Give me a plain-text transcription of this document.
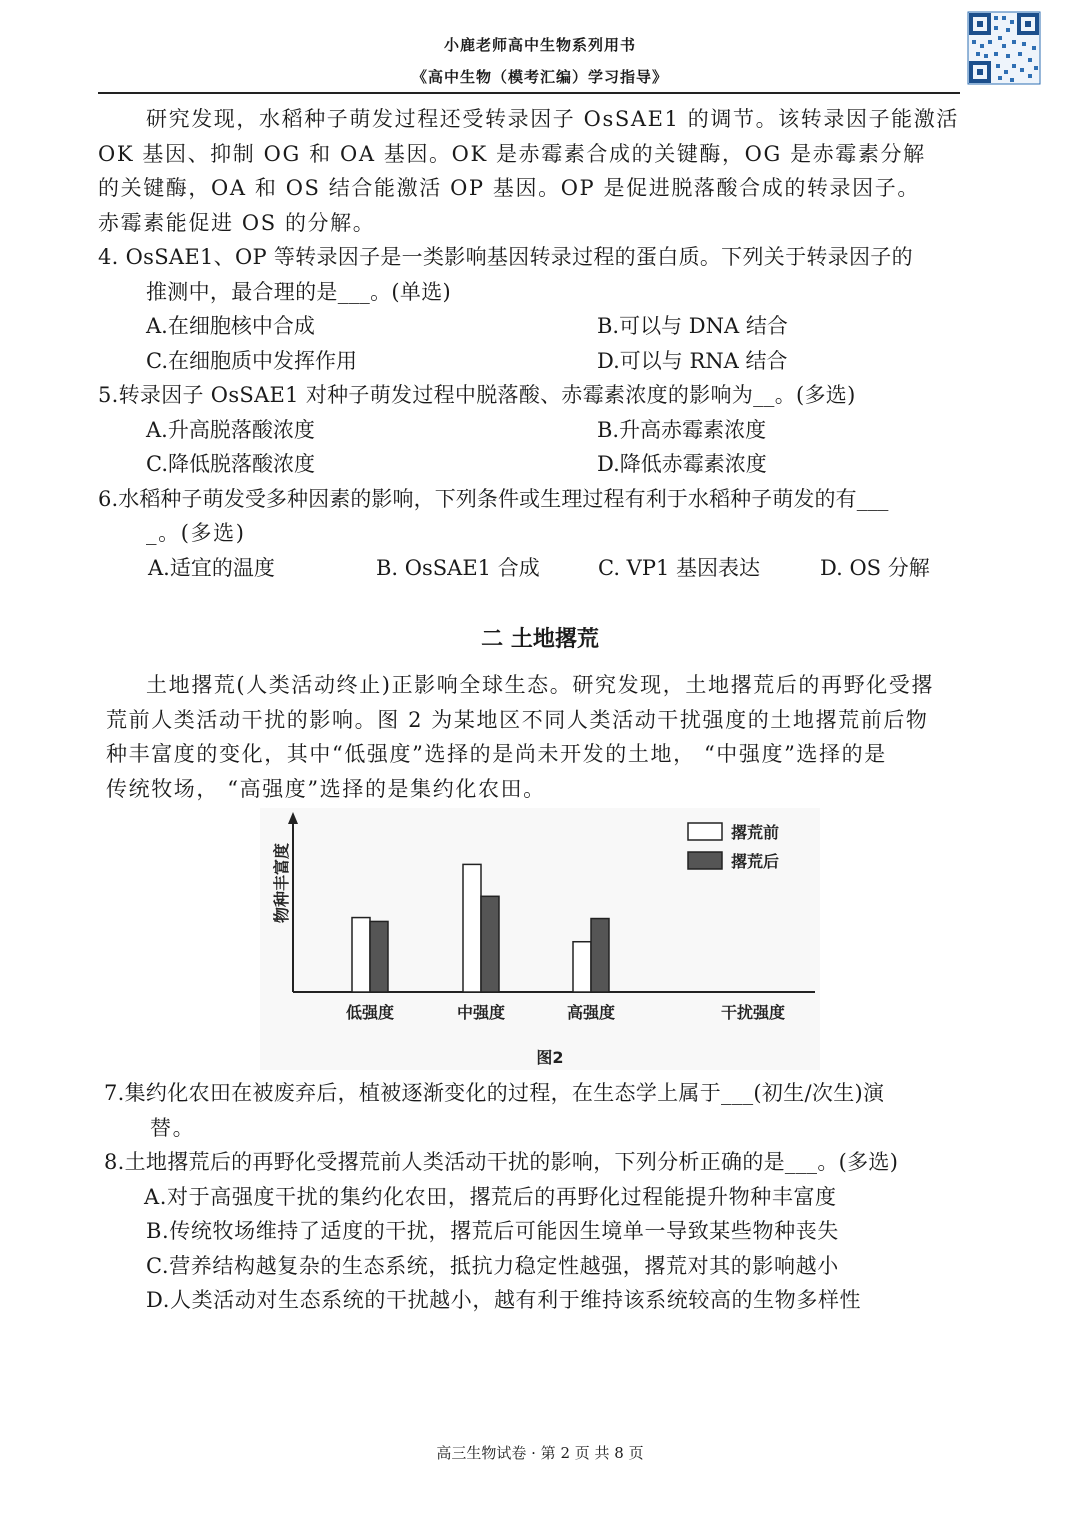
小鹿老师高中生物系列用书
《高中生物（模考汇编）学习指导》
研究发现，水稻种子萌发过程还受转录因子 OsSAE1 的调节。该转录因子能激活
OK 基因、抑制 OG 和 OA 基因。OK 是赤霉素合成的关键酶，OG 是赤霉素分解
的关键酶，OA 和 OS 结合能激活 OP 基因。OP 是促进脱落酸合成的转录因子。
赤霉素能促进 OS 的分解。
4. OsSAE1、OP 等转录因子是一类影响基因转录过程的蛋白质。下列关于转录因子的
推测中，最合理的是___。(单选)
A.在细胞核中合成	B.可以与 DNA 结合
C.在细胞质中发挥作用	D.可以与 RNA 结合
5.转录因子 OsSAE1 对种子萌发过程中脱落酸、赤霉素浓度的影响为__。(多选)
A.升高脱落酸浓度	B.升高赤霉素浓度
C.降低脱落酸浓度	D.降低赤霉素浓度
6.水稻种子萌发受多种因素的影响，下列条件或生理过程有利于水稻种子萌发的有___
_。(多选)
A.适宜的温度	B. OsSAE1 合成	C. VP1 基因表达	D. OS 分解
二 土地撂荒
土地撂荒(人类活动终止)正影响全球生态。研究发现，土地撂荒后的再野化受撂
荒前人类活动干扰的影响。图 2 为某地区不同人类活动干扰强度的土地撂荒前后物
种丰富度的变化，其中“低强度”选择的是尚未开发的土地， “中强度”选择的是
传统牧场， “高强度”选择的是集约化农田。
物种丰富度
低强度	中强度	高强度	干扰强度
撂荒前
撂荒后
图2
7.集约化农田在被废弃后，植被逐渐变化的过程，在生态学上属于___(初生/次生)演
替。
8.土地撂荒后的再野化受撂荒前人类活动干扰的影响，下列分析正确的是___。(多选)
A.对于高强度干扰的集约化农田，撂荒后的再野化过程能提升物种丰富度
B.传统牧场维持了适度的干扰，撂荒后可能因生境单一导致某些物种丧失
C.营养结构越复杂的生态系统，抵抗力稳定性越强，撂荒对其的影响越小
D.人类活动对生态系统的干扰越小，越有利于维持该系统较高的生物多样性
高三生物试卷 · 第 2 页 共 8 页
